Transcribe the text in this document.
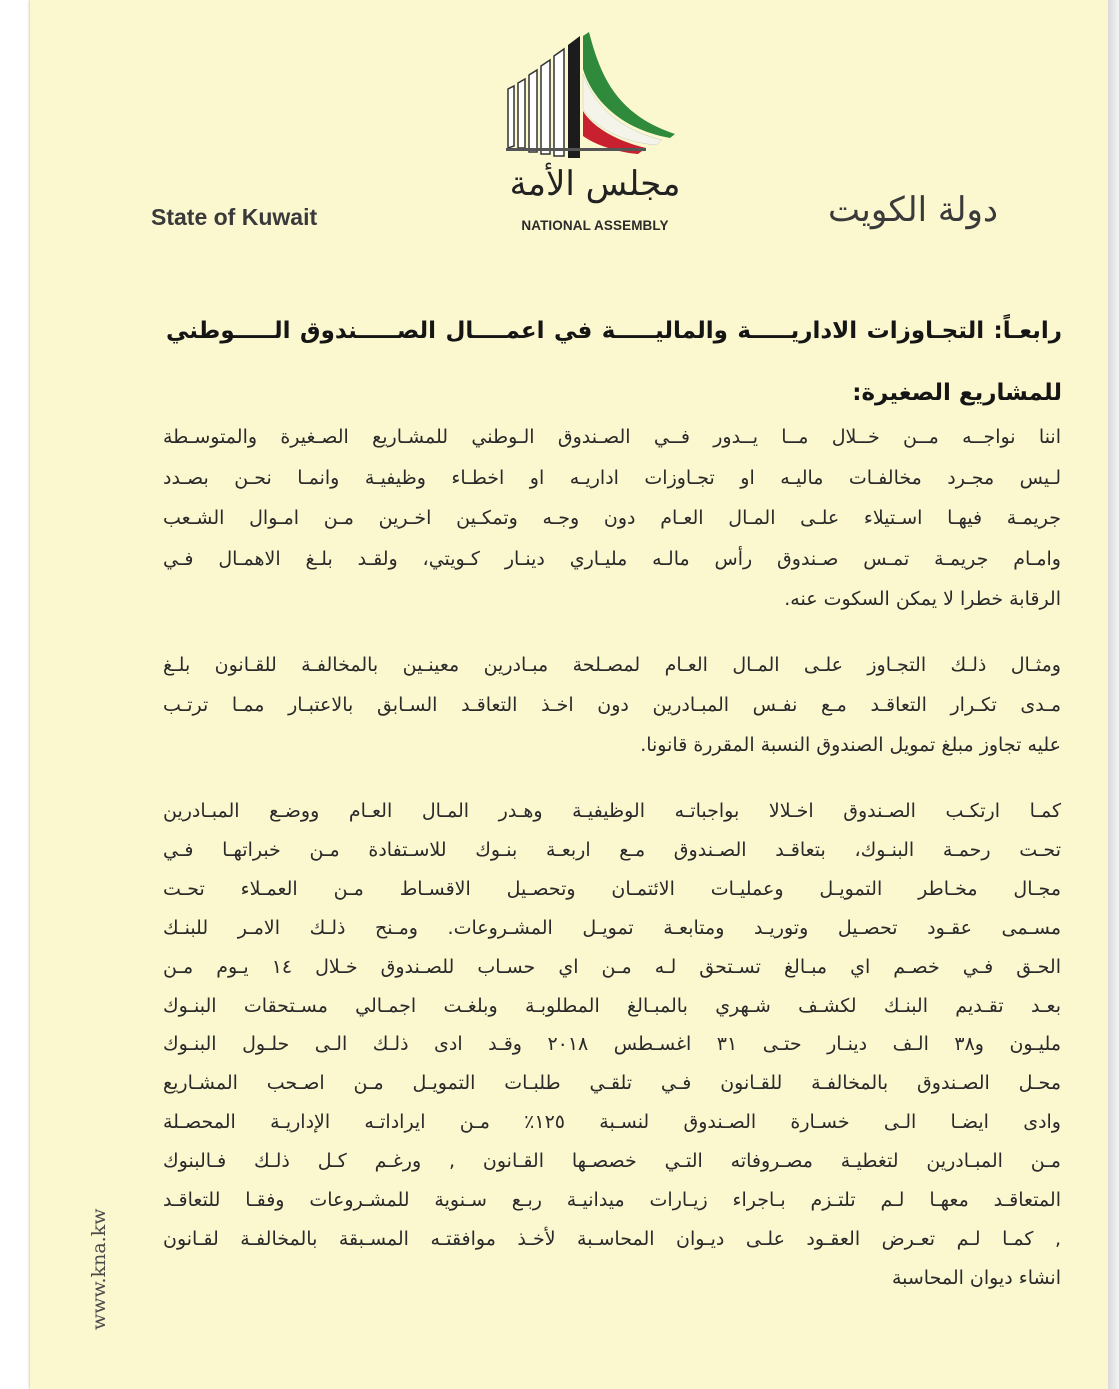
مجلس الأمة
NATIONAL ASSEMBLY
State of Kuwait	دولة الكويت
رابعـاً: التجـاوزات الاداريـــــة والماليـــــة في اعمــــال الصـــــندوق الـــــوطني
للمشاريع الصغيرة:
اننا نواجــه مــن خــلال مــا يــدور فــي الصـندوق الـوطني للمشـاريع الصـغيرة والمتوسـطة
لـيس مجـرد مخالفـات ماليـه او تجـاوزات اداريـه او اخطـاء وظيفيـة وانمـا نحـن بصـدد
جريمـة فيهـا اسـتيلاء علـى المـال العـام دون وجـه وتمكـين اخـرين مـن امـوال الشـعب
وامـام جريمـة تمـس صـندوق رأس مالـه مليـاري دينـار كـويتي، ولقـد بلـغ الاهمـال فـي
الرقابة خطرا لا يمكن السكوت عنه.
ومثـال ذلـك التجـاوز علـى المـال العـام لمصـلحة مبـادرين معينـين بالمخالفـة للقـانون بلـغ
مـدى تكـرار التعاقـد مـع نفـس المبـادرين دون اخـذ التعاقـد السـابق بالاعتبـار ممـا ترتـب
عليه تجاوز مبلغ تمويل الصندوق النسبة المقررة قانونا.
كمـا ارتكـب الصـندوق اخـلالا بواجباتـه الوظيفيـة وهـدر المـال العـام ووضـع المبـادرين
تحـت رحمـة البنـوك، بتعاقـد الصـندوق مـع اربعـة بنـوك للاسـتفادة مـن خبراتهـا فـي
مجـال مخـاطر التمويـل وعمليـات الائتمـان وتحصـيل الاقسـاط مـن العمـلاء تحـت
مسـمى عقـود تحصـيل وتوريـد ومتابعـة تمويـل المشـروعات. ومـنح ذلـك الامـر للبنـك
الحـق فـي خصـم اي مبـالغ تسـتحق لـه مـن اي حسـاب للصـندوق خـلال ١٤ يـوم مـن
بعـد تقـديم البنـك لكشـف شـهري بالمبـالغ المطلوبـة وبلغـت اجمـالي مسـتحقات البنـوك
مليـون و٣٨ الـف دينـار حتـى ٣١ اغسـطس ٢٠١٨ وقـد ادى ذلـك الـى حلـول البنـوك
محـل الصـندوق بالمخالفـة للقـانون فـي تلقـي طلبـات التمويـل مـن اصـحب المشـاريع
وادى ايضـا الـى خسـارة الصـندوق لنسـبة ١٢٥٪ مـن ايراداتـه الإداريـة المحصـلة
مـن المبـادرين لتغطيـة مصـروفاته التـي خصصـها القـانون , ورغـم كـل ذلـك فـالبنوك
المتعاقـد معهـا لـم تلتـزم بـاجراء زيـارات ميدانيـة ربـع سـنوية للمشـروعات وفقـا للتعاقـد
, كمـا لـم تعـرض العقـود علـى ديـوان المحاسـبة لأخـذ موافقتـه المسـبقة بالمخالفـة لقـانون
انشاء ديوان المحاسبة
www.kna.kw
